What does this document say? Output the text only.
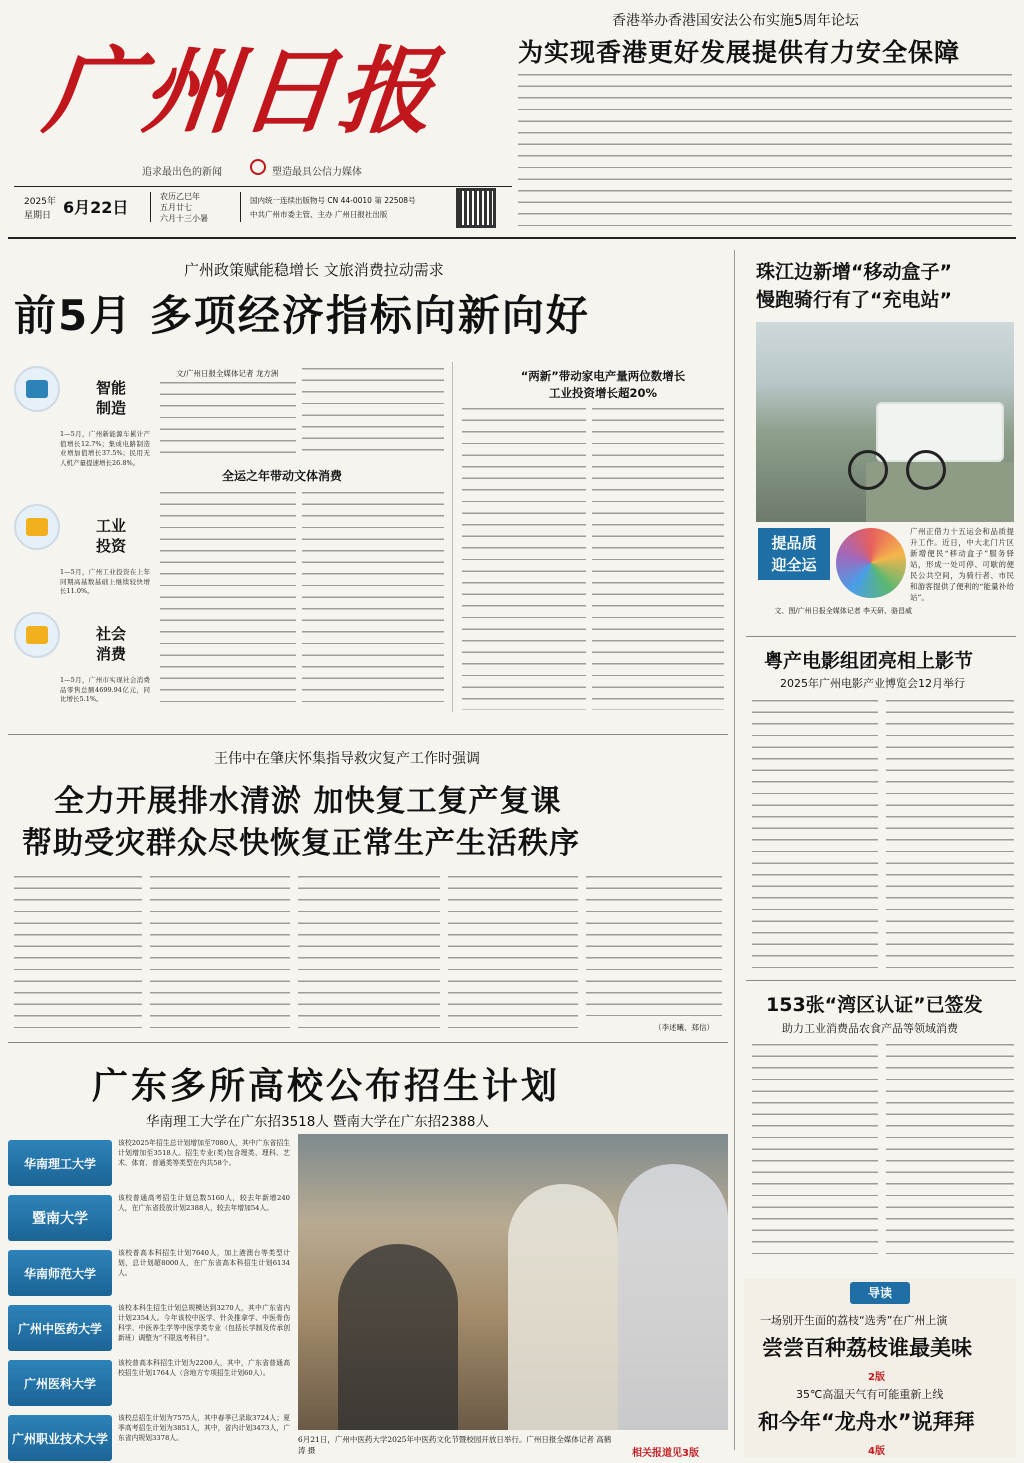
广州日报
追求最出色的新闻	塑造最具公信力媒体
2025年
星期日 6月22日
农历乙巳年
五月廿七
六月十三小暑
国内统一连续出版物号 CN 44-0010 第 22508号
中共广州市委主管、主办 广州日报社出版
香港举办香港国安法公布实施5周年论坛
为实现香港更好发展提供有力安全保障
广州政策赋能稳增长 文旅消费拉动需求
前5月 多项经济指标向新向好
智能
制造
1—5月，广州新能源车累计产值增长12.7%；集成电路制造业增加值增长37.5%；民用无人机产量提速增长26.8%。
工业
投资
1—5月，广州工业投资在上年同期高基数基础上继续较快增长11.0%。
社会
消费
1—5月，广州市实现社会消费品零售总额4699.94亿元，同比增长5.1%。
文/广州日报全媒体记者 龙方洲
全运之年带动文体消费
“两新”带动家电产量两位数增长
工业投资增长超20%
珠江边新增“移动盒子”
慢跑骑行有了“充电站”
提品质
迎全运
广州正借力十五运会和品质提升工作。近日，中大北门片区新增便民“移动盒子”服务驿站，形成一处可停、可歇的便民公共空间，为骑行者、市民和游客提供了便利的“能量补给站”。
文、图/广州日报全媒体记者 李天研、骆昌威
粤产电影组团亮相上影节
2025年广州电影产业博览会12月举行
153张“湾区认证”已签发
助力工业消费品农食产品等领域消费
导读
一场别开生面的荔枝“选秀”在广州上演
尝尝百种荔枝谁最美味
2版
35℃高温天气有可能重新上线
和今年“龙舟水”说拜拜
4版
王伟中在肇庆怀集指导救灾复产工作时强调
全力开展排水清淤 加快复工复产复课
帮助受灾群众尽快恢复正常生产生活秩序
（李述曦、郑信）
广东多所高校公布招生计划
华南理工大学在广东招3518人 暨南大学在广东招2388人
华南理工大学
该校2025年招生总计划增加至7080人，其中广东省招生计划增加至3518人。招生专业(类)包含理类、理科、艺术、体育、普通类等类型在内共58个。
暨南大学
该校普通高考招生计划总数5160人，较去年新增240人，在广东省投放计划2388人，较去年增加54人。
华南师范大学
该校普高本科招生计划7640人，加上港澳台等类型计划，总计划超8000人，在广东省高本科招生计划6134人。
广州中医药大学
该校本科生招生计划总规模达到3270人，其中广东省内计划2354人。今年该校中医学、针灸推拿学、中医骨伤科学、中医养生学等中医学类专业（包括长学制及传承创新班）调整为“不限选考科目”。
广州医科大学
该校普高本科招生计划为2200人，其中，广东省普通高校招生计划1764人（含地方专项招生计划60人）。
广州职业技术大学
该校总招生计划为7575人，其中春季已录取3724人；夏季高考招生计划为3851人，其中，省内计划3473人，广东省内规划3378人。	6月21日，广州中医药大学2025年中医药文化节暨校园开放日举行。广州日报全媒体记者 高鹤涛 摄	相关报道见3版
